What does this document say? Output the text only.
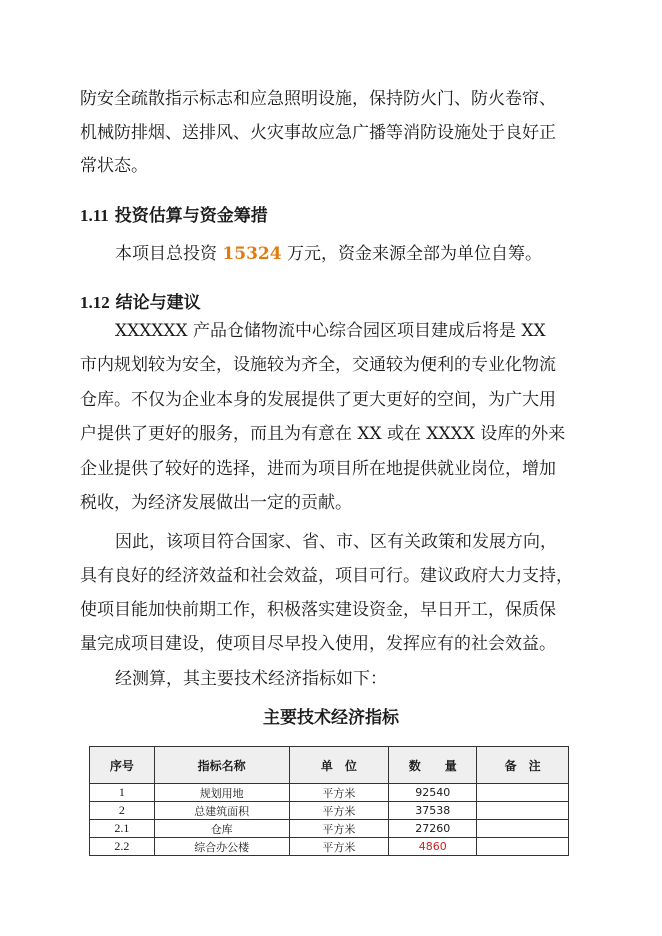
防安全疏散指示标志和应急照明设施，保持防火门、防火卷帘、
机械防排烟、送排风、火灾事故应急广播等消防设施处于良好正
常状态。
1.11 投资估算与资金筹措
本项目总投资 15324 万元，资金来源全部为单位自筹。
1.12 结论与建议
XXXXXX 产品仓储物流中心综合园区项目建成后将是 XX
市内规划较为安全，设施较为齐全，交通较为便利的专业化物流
仓库。不仅为企业本身的发展提供了更大更好的空间，为广大用
户提供了更好的服务，而且为有意在 XX 或在 XXXX 设库的外来
企业提供了较好的选择，进而为项目所在地提供就业岗位，增加
税收，为经济发展做出一定的贡献。
因此，该项目符合国家、省、市、区有关政策和发展方向，
具有良好的经济效益和社会效益，项目可行。建议政府大力支持，
使项目能加快前期工作，积极落实建设资金，早日开工，保质保
量完成项目建设，使项目尽早投入使用，发挥应有的社会效益。
经测算，其主要技术经济指标如下：
主要技术经济指标
序号	指标名称	单　位	数　　量	备　注
1	规划用地	平方米	92540	
2	总建筑面积	平方米	37538	
2.1	仓库	平方米	27260	
2.2	综合办公楼	平方米	4860	
